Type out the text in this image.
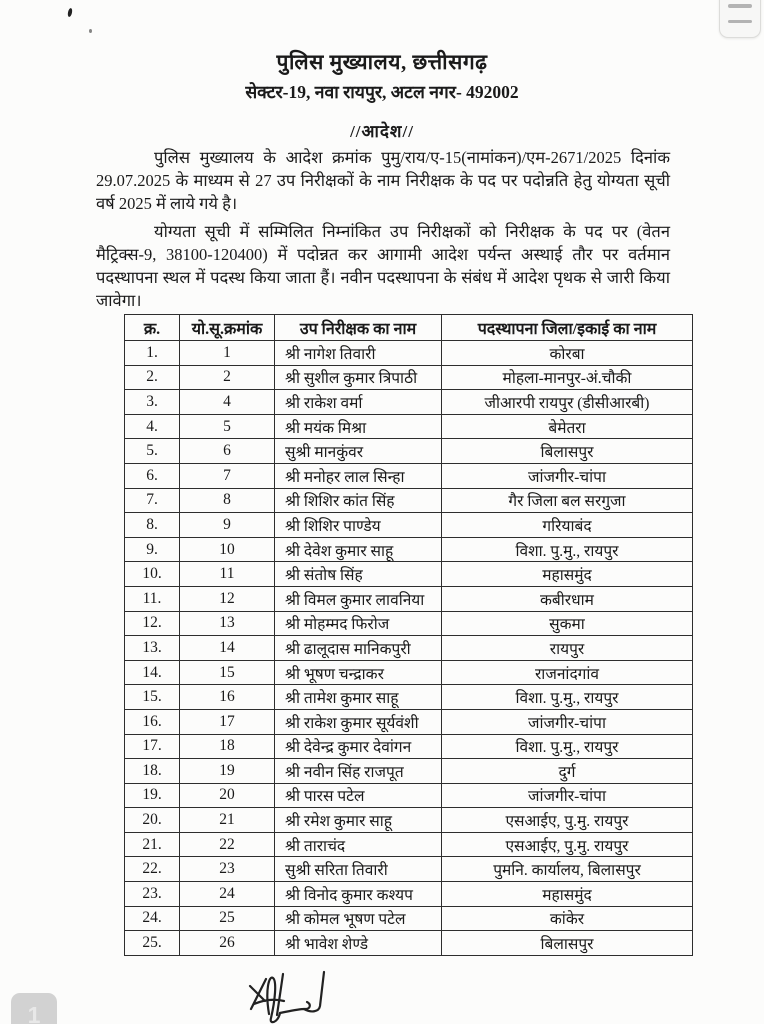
पुलिस मुख्यालय, छत्तीसगढ़
सेक्टर-19, नवा रायपुर, अटल नगर- 492002
//आदेश//

पुलिस मुख्यालय के आदेश क्रमांक पुमु/राय/ए-15(नामांकन)/एम-2671/2025 दिनांक 29.07.2025 के माध्यम से 27 उप निरीक्षकों के नाम निरीक्षक के पद पर पदोन्नति हेतु योग्यता सूची वर्ष 2025 में लाये गये है।

योग्यता सूची में सम्मिलित निम्नांकित उप निरीक्षकों को निरीक्षक के पद पर (वेतन मैट्रिक्स-9, 38100-120400) में पदोन्नत कर आगामी आदेश पर्यन्त अस्थाई तौर पर वर्तमान पदस्थापना स्थल में पदस्थ किया जाता हैं। नवीन पदस्थापना के संबंध में आदेश पृथक से जारी किया जावेगा।

क्र.	यो.सू.क्रमांक	उप निरीक्षक का नाम	पदस्थापना जिला/इकाई का नाम
1.	1	श्री नागेश तिवारी	कोरबा
2.	2	श्री सुशील कुमार त्रिपाठी	मोहला-मानपुर-अं.चौकी
3.	4	श्री राकेश वर्मा	जीआरपी रायपुर (डीसीआरबी)
4.	5	श्री मयंक मिश्रा	बेमेतरा
5.	6	सुश्री मानकुंवर	बिलासपुर
6.	7	श्री मनोहर लाल सिन्हा	जांजगीर-चांपा
7.	8	श्री शिशिर कांत सिंह	गैर जिला बल सरगुजा
8.	9	श्री शिशिर पाण्डेय	गरियाबंद
9.	10	श्री देवेश कुमार साहू	विशा. पु.मु., रायपुर
10.	11	श्री संतोष सिंह	महासमुंद
11.	12	श्री विमल कुमार लावनिया	कबीरधाम
12.	13	श्री मोहम्मद फिरोज	सुकमा
13.	14	श्री ढालूदास मानिकपुरी	रायपुर
14.	15	श्री भूषण चन्द्राकर	राजनांदगांव
15.	16	श्री तामेश कुमार साहू	विशा. पु.मु., रायपुर
16.	17	श्री राकेश कुमार सूर्यवंशी	जांजगीर-चांपा
17.	18	श्री देवेन्द्र कुमार देवांगन	विशा. पु.मु., रायपुर
18.	19	श्री नवीन सिंह राजपूत	दुर्ग
19.	20	श्री पारस पटेल	जांजगीर-चांपा
20.	21	श्री रमेश कुमार साहू	एसआईए, पु.मु. रायपुर
21.	22	श्री ताराचंद	एसआईए, पु.मु. रायपुर
22.	23	सुश्री सरिता तिवारी	पुमनि. कार्यालय, बिलासपुर
23.	24	श्री विनोद कुमार कश्यप	महासमुंद
24.	25	श्री कोमल भूषण पटेल	कांकेर
25.	26	श्री भावेश शेण्डे	बिलासपुर
1
